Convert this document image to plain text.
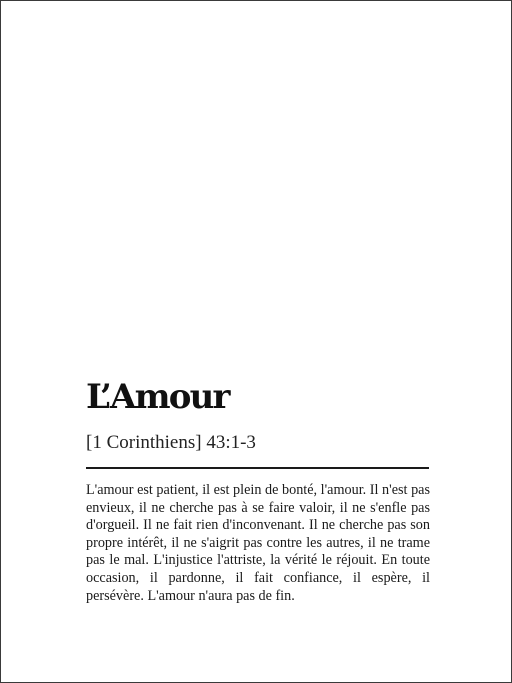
L’Amour

[1 Corinthiens] 43:1-3

L'amour est patient, il est plein de bonté, l'amour. Il n'est pas envieux, il ne cherche pas à se faire valoir, il ne s'enfle pas d'orgueil. Il ne fait rien d'inconvenant. Il ne cherche pas son propre intérêt, il ne s'aigrit pas contre les autres, il ne trame pas le mal. L'injustice l'attriste, la vérité le réjouit. En toute occasion, il pardonne, il fait confiance, il espère, il persévère. L'amour n'aura pas de fin.
